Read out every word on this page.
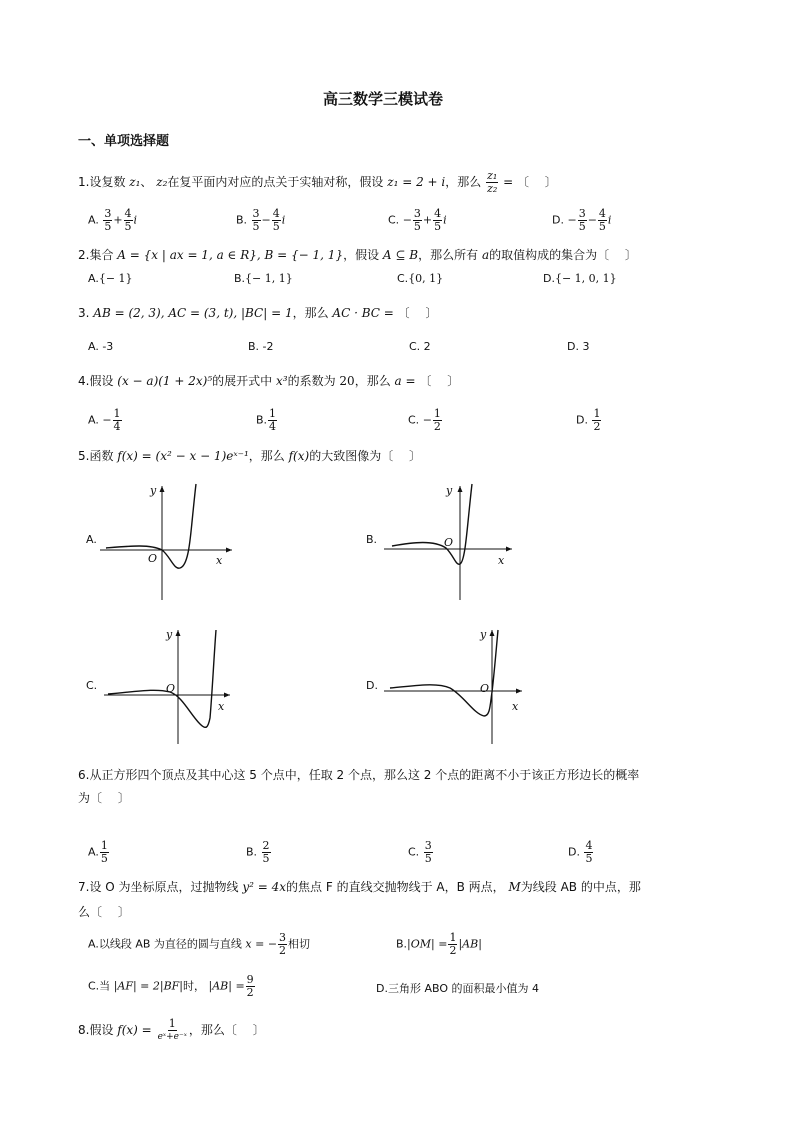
高三数学三模试卷
一、单项选择题
1.设复数 z₁、 z₂在复平面内对应的点关于实轴对称，假设 z₁ = 2 + i，那么 $\frac{\text{z₁}}{\text{z₂}}$ = 〔　 〕
A. $\frac{3}{5} + \frac{4}{5}$ i	B. $\frac{3}{5} - \frac{4}{5}$ i	C. − $\frac{3}{5} + \frac{4}{5}$ i	D. − $\frac{3}{5} - \frac{4}{5}$ i
2.集合 A = {x | ax = 1, a ∈ R}, B = {− 1, 1}，假设 A ⊆ B，那么所有 a的取值构成的集合为〔　 〕
A.{− 1}	B.{− 1, 1}	C.{0, 1}	D.{− 1, 0, 1}
3. AB = (2, 3), AC = (3, t), |BC| = 1，那么 AC · BC = 〔　 〕
A. -3	B. -2	C. 2	D. 3
4.假设 (x − a)(1 + 2x)⁵的展开式中 x³的系数为 20，那么 a = 〔　 〕
A. − $\frac{1}{4}$	B. $\frac{1}{4}$	C. − $\frac{1}{2}$	D. $\frac{1}{2}$
5.函数 f(x) = (x² − x − 1)eˣ⁻¹，那么 f(x)的大致图像为〔　 〕
A.
y
x
O
B.
y
x
O
C.
y
x
O	D.
y
x
O
6.从正方形四个顶点及其中心这 5 个点中，任取 2 个点，那么这 2 个点的距离不小于该正方形边长的概率
为〔　 〕
A. $\frac{1}{5}$	B. $\frac{2}{5}$	C. $\frac{3}{5}$	D. $\frac{4}{5}$
7.设 O 为坐标原点，过抛物线 y² = 4x的焦点 F 的直线交抛物线于 A，B 两点， M为线段 AB 的中点，那
么〔　 〕
A.以线段 AB 为直径的圆与直线 x = − $\frac{3}{2}$ 相切	$B.|OM| = \frac{1}{2} |AB|$
C.当 |AF| = 2|BF|时， $|AB| = \frac{9}{2}$	D.三角形 ABO 的面积最小值为 4
8.假设 $f(x) = \frac{1}{\text{eˣ+e⁻ˣ}}$ ，那么〔　 〕
